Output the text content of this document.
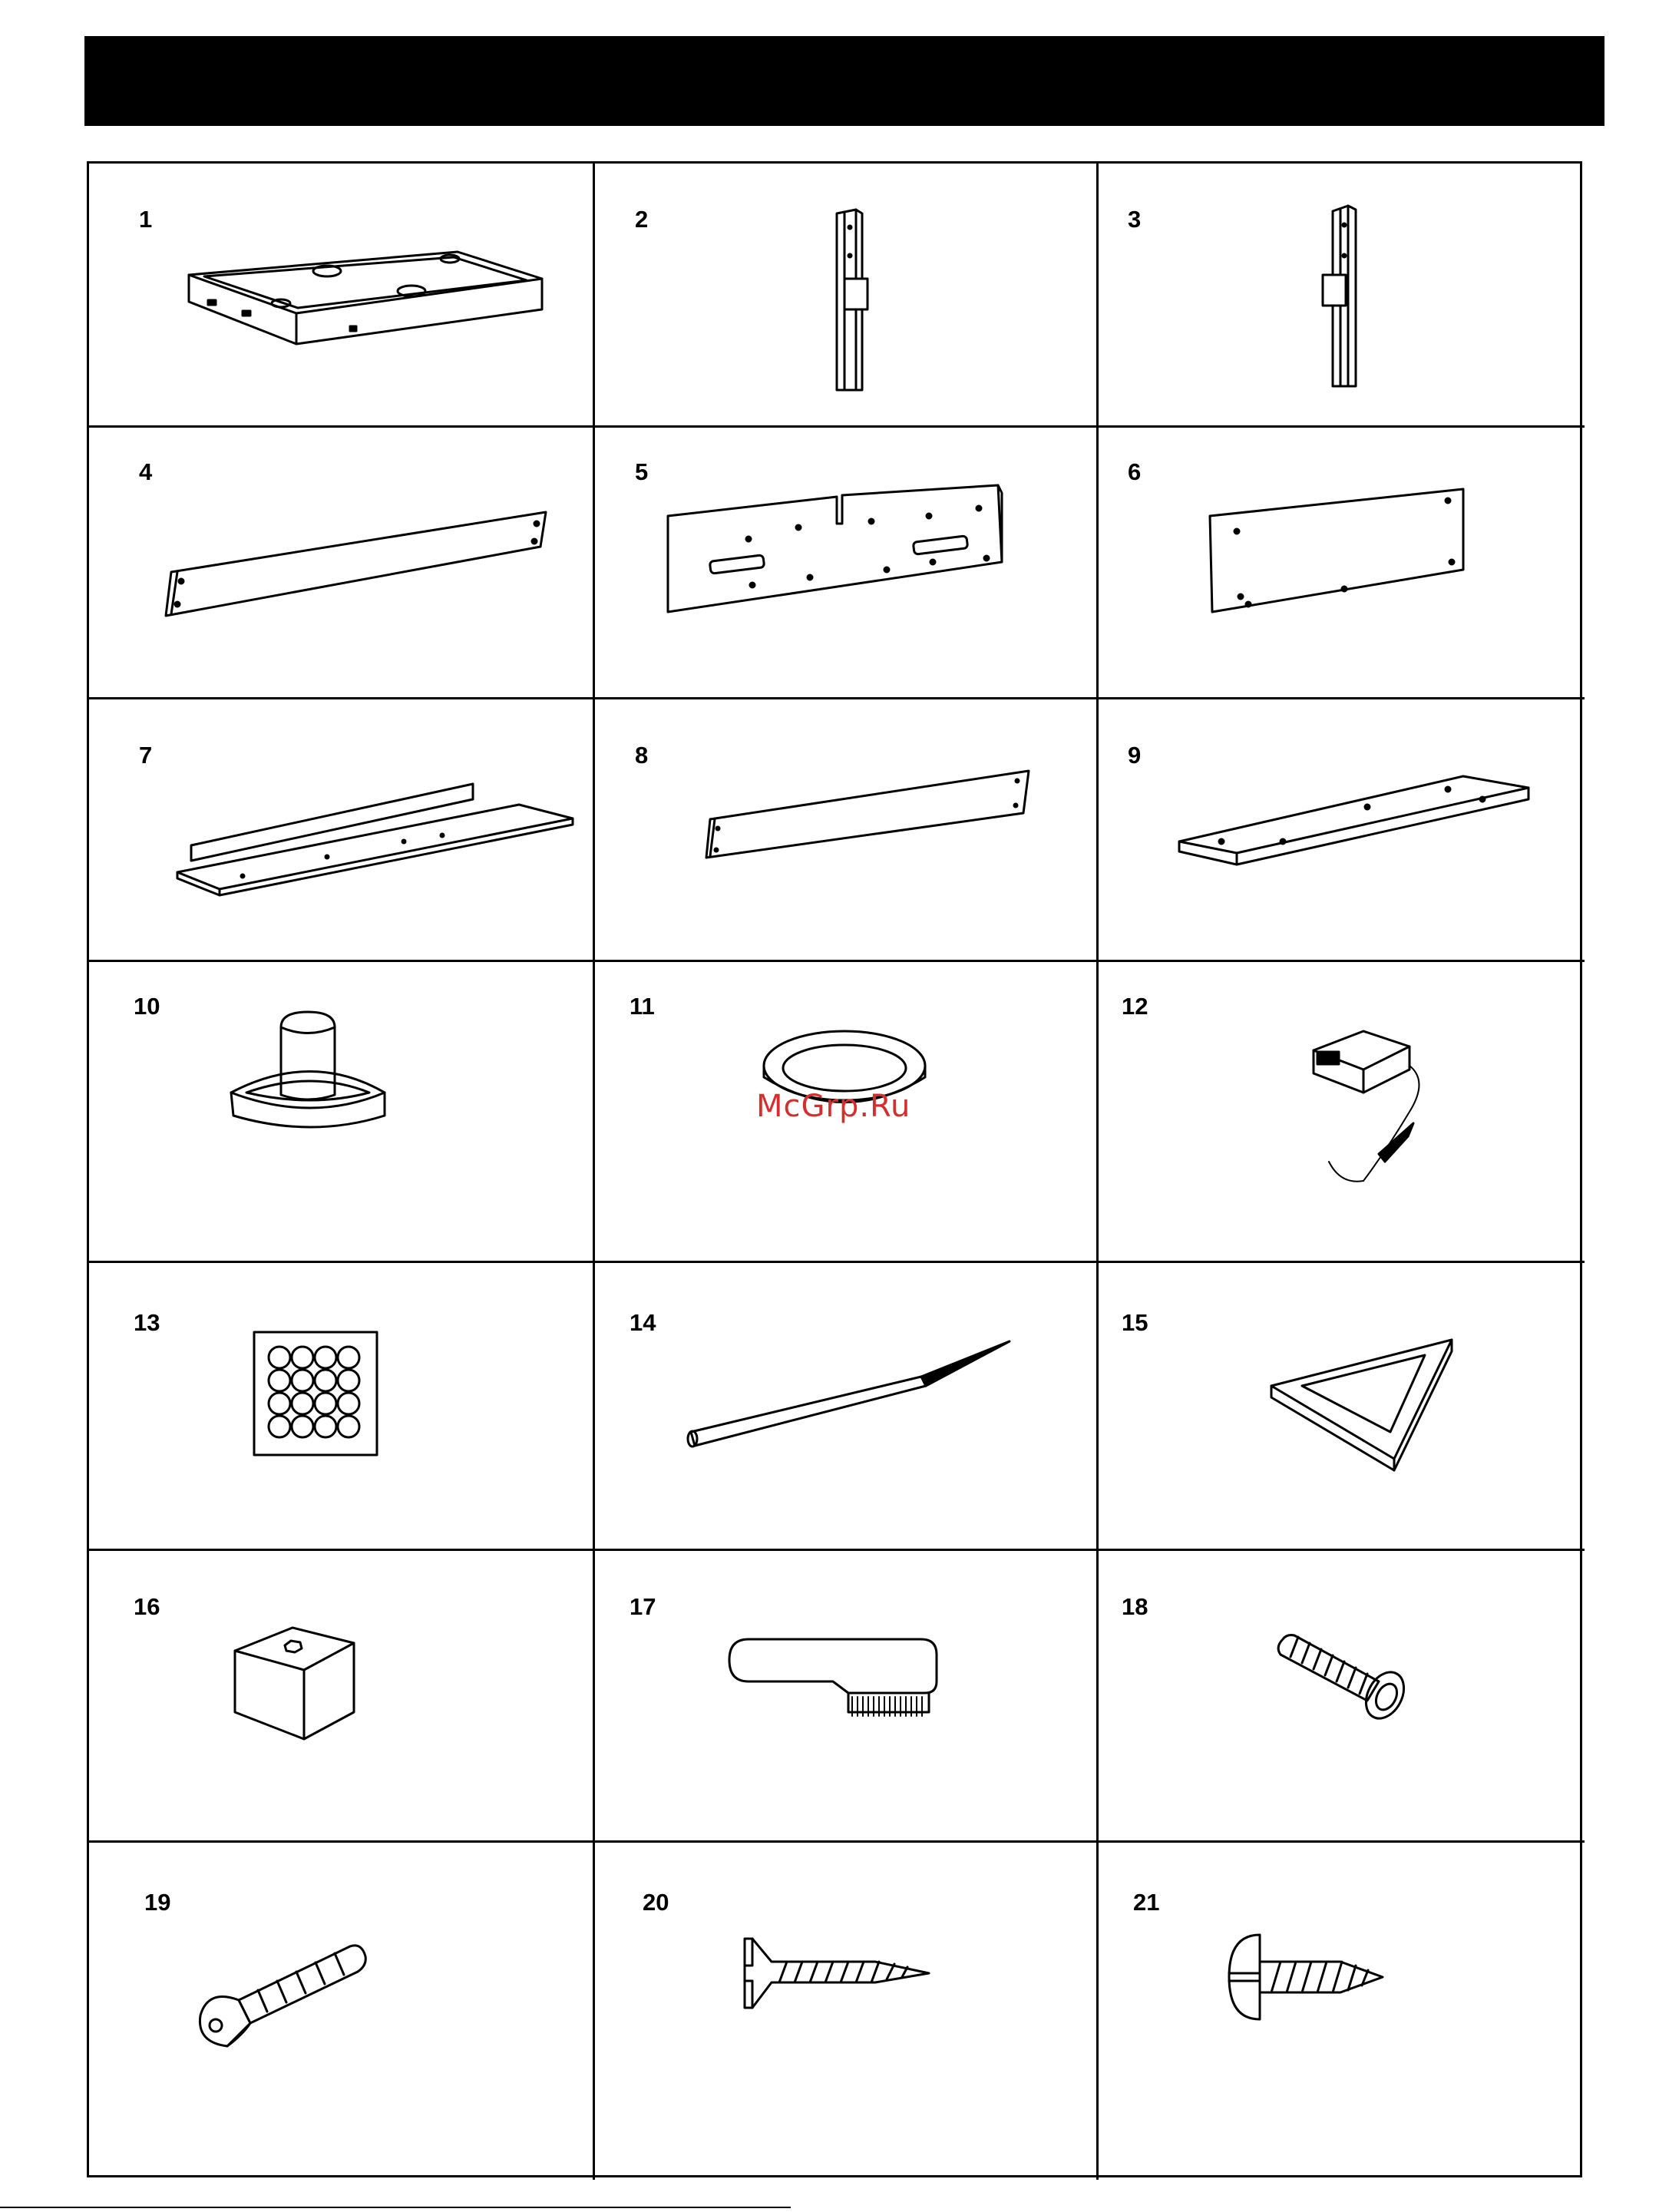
1	2	3
4	5	6
7	8	9
10	11	12
13	14	15
16	17	18
19	20	21
McGrp.Ru
